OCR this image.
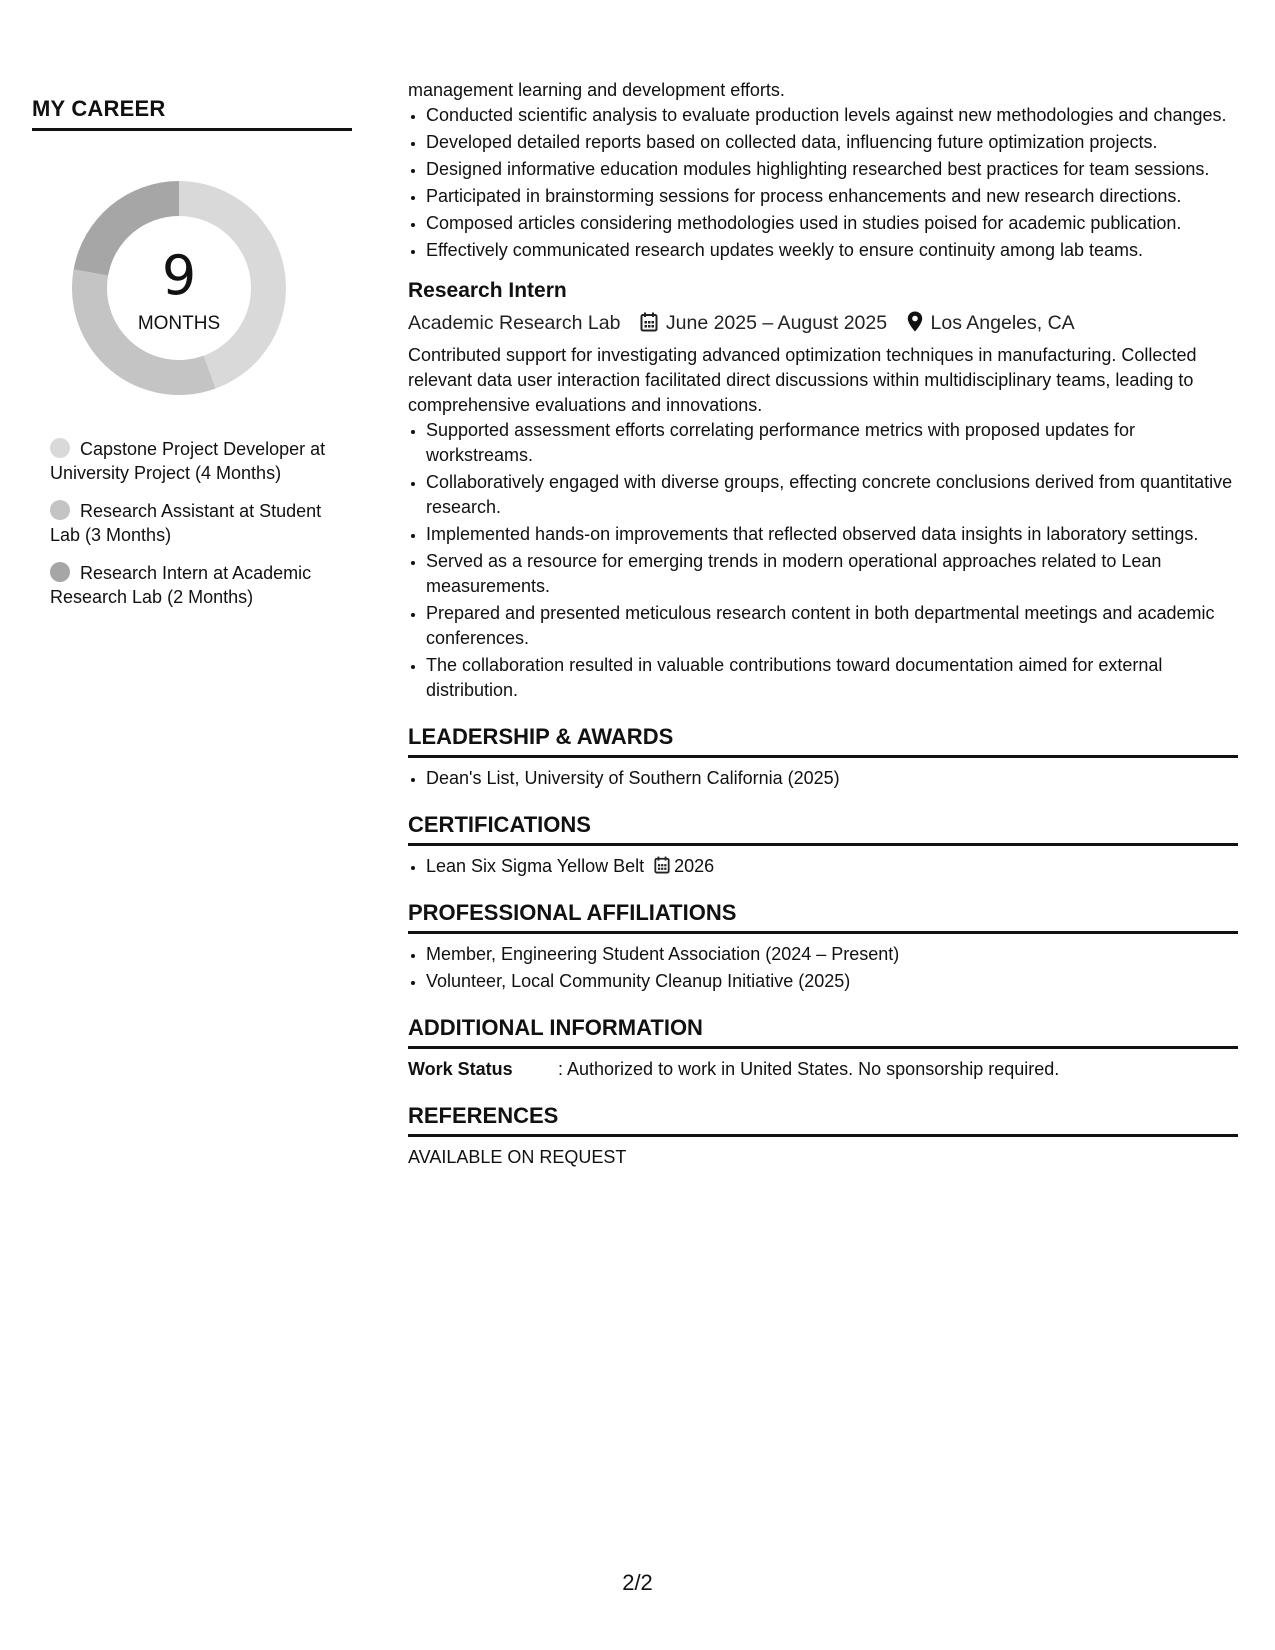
MY CAREER
9
MONTHS
Capstone Project Developer at University Project (4 Months)
Research Assistant at Student Lab (3 Months)
Research Intern at Academic Research Lab (2 Months)

management learning and development efforts.

• Conducted scientific analysis to evaluate production levels against new methodologies and changes.
• Developed detailed reports based on collected data, influencing future optimization projects.
• Designed informative education modules highlighting researched best practices for team sessions.
• Participated in brainstorming sessions for process enhancements and new research directions.
• Composed articles considering methodologies used in studies poised for academic publication.
• Effectively communicated research updates weekly to ensure continuity among lab teams.
Research Intern
Academic Research Lab June 2025 – August 2025 Los Angeles, CA

Contributed support for investigating advanced optimization techniques in manufacturing. Collected relevant data user interaction facilitated direct discussions within multidisciplinary teams, leading to comprehensive evaluations and innovations.

• Supported assessment efforts correlating performance metrics with proposed updates for workstreams.
• Collaboratively engaged with diverse groups, effecting concrete conclusions derived from quantitative research.
• Implemented hands-on improvements that reflected observed data insights in laboratory settings.
• Served as a resource for emerging trends in modern operational approaches related to Lean measurements.
• Prepared and presented meticulous research content in both departmental meetings and academic conferences.
• The collaboration resulted in valuable contributions toward documentation aimed for external distribution.
LEADERSHIP & AWARDS
• Dean's List, University of Southern California (2025)
CERTIFICATIONS
• Lean Six Sigma Yellow Belt 2026
PROFESSIONAL AFFILIATIONS
• Member, Engineering Student Association (2024 – Present)
• Volunteer, Local Community Cleanup Initiative (2025)
ADDITIONAL INFORMATION
Work Status	: Authorized to work in United States. No sponsorship required.
REFERENCES

AVAILABLE ON REQUEST

2/2
